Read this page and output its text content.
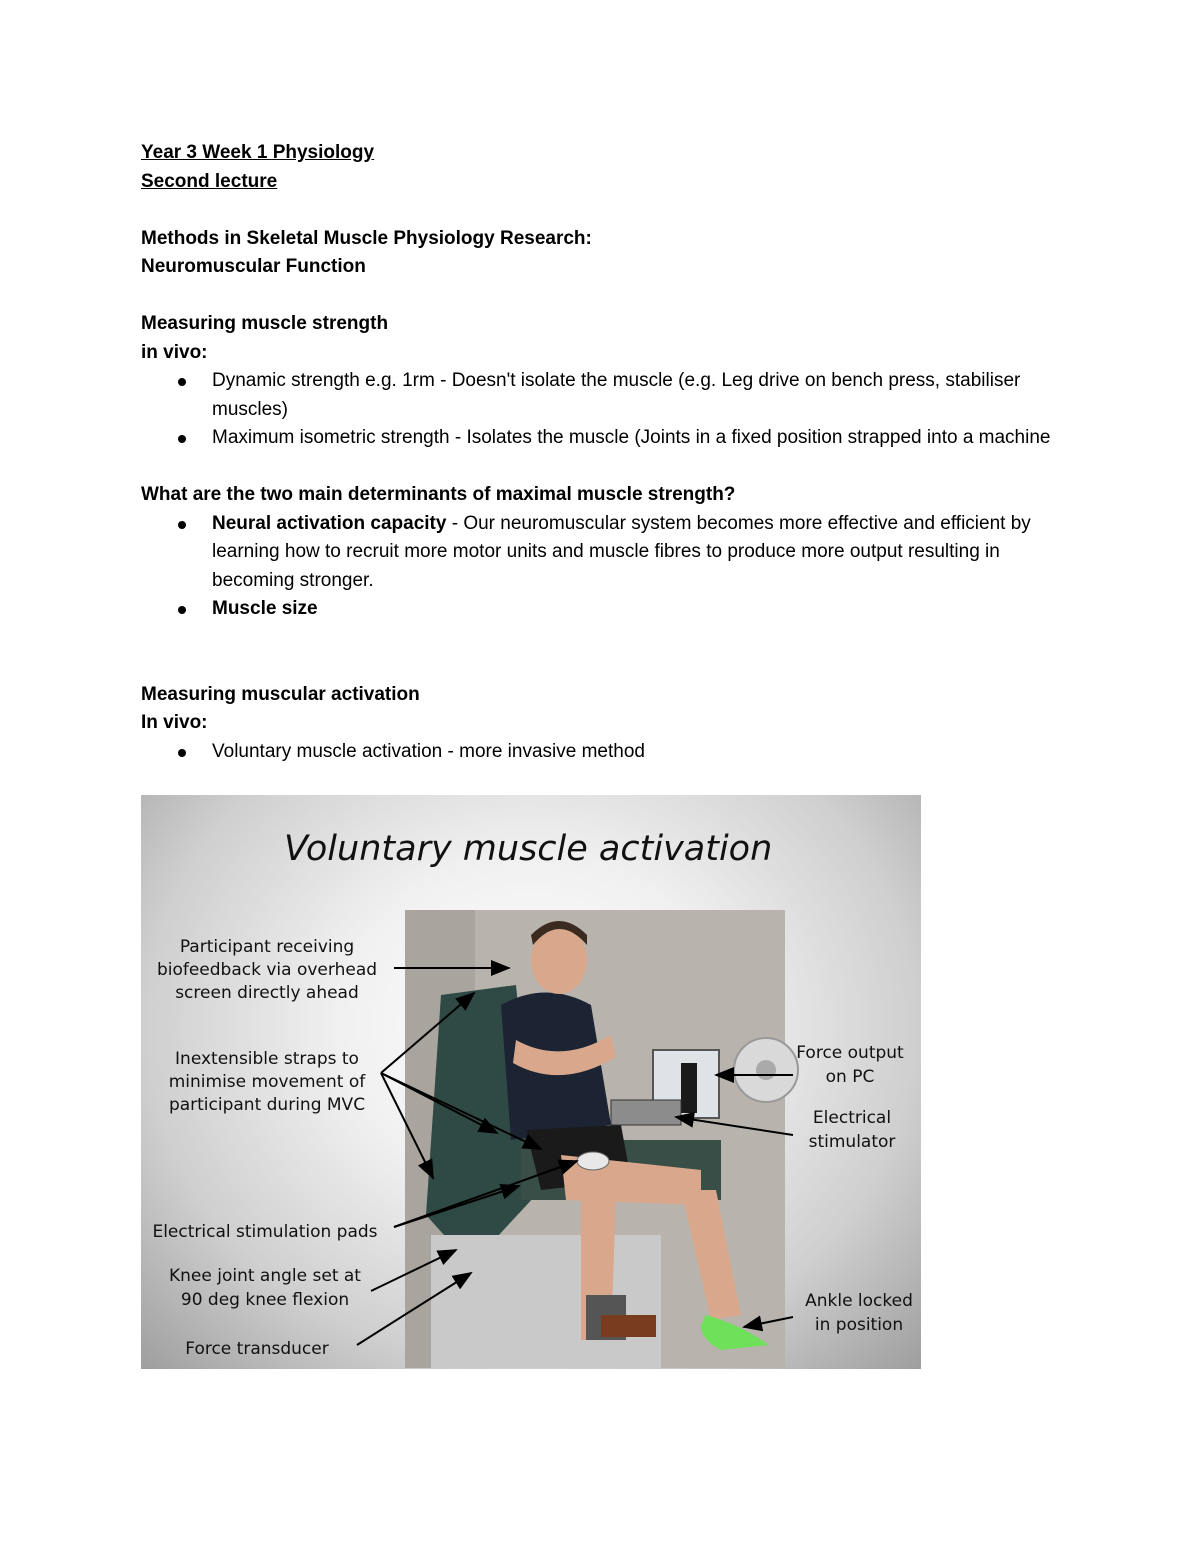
Year 3 Week 1 Physiology

Second lecture

Methods in Skeletal Muscle Physiology Research:

Neuromuscular Function

Measuring muscle strength

in vivo:

Dynamic strength e.g. 1rm - Doesn't isolate the muscle (e.g. Leg drive on bench press, stabiliser muscles)
Maximum isometric strength - Isolates the muscle (Joints in a fixed position strapped into a machine

What are the two main determinants of maximal muscle strength?

Neural activation capacity - Our neuromuscular system becomes more effective and efficient by learning how to recruit more motor units and muscle fibres to produce more output resulting in becoming stronger.
Muscle size

Measuring muscular activation

In vivo:

Voluntary muscle activation - more invasive method
Voluntary muscle activation
Participant receiving
biofeedback via overhead
screen directly ahead
Inextensible straps to
minimise movement of
participant during MVC
Electrical stimulation pads
Knee joint angle set at
90 deg knee flexion
Force transducer
Force output
on PC
Electrical
stimulator
Ankle locked
in position
